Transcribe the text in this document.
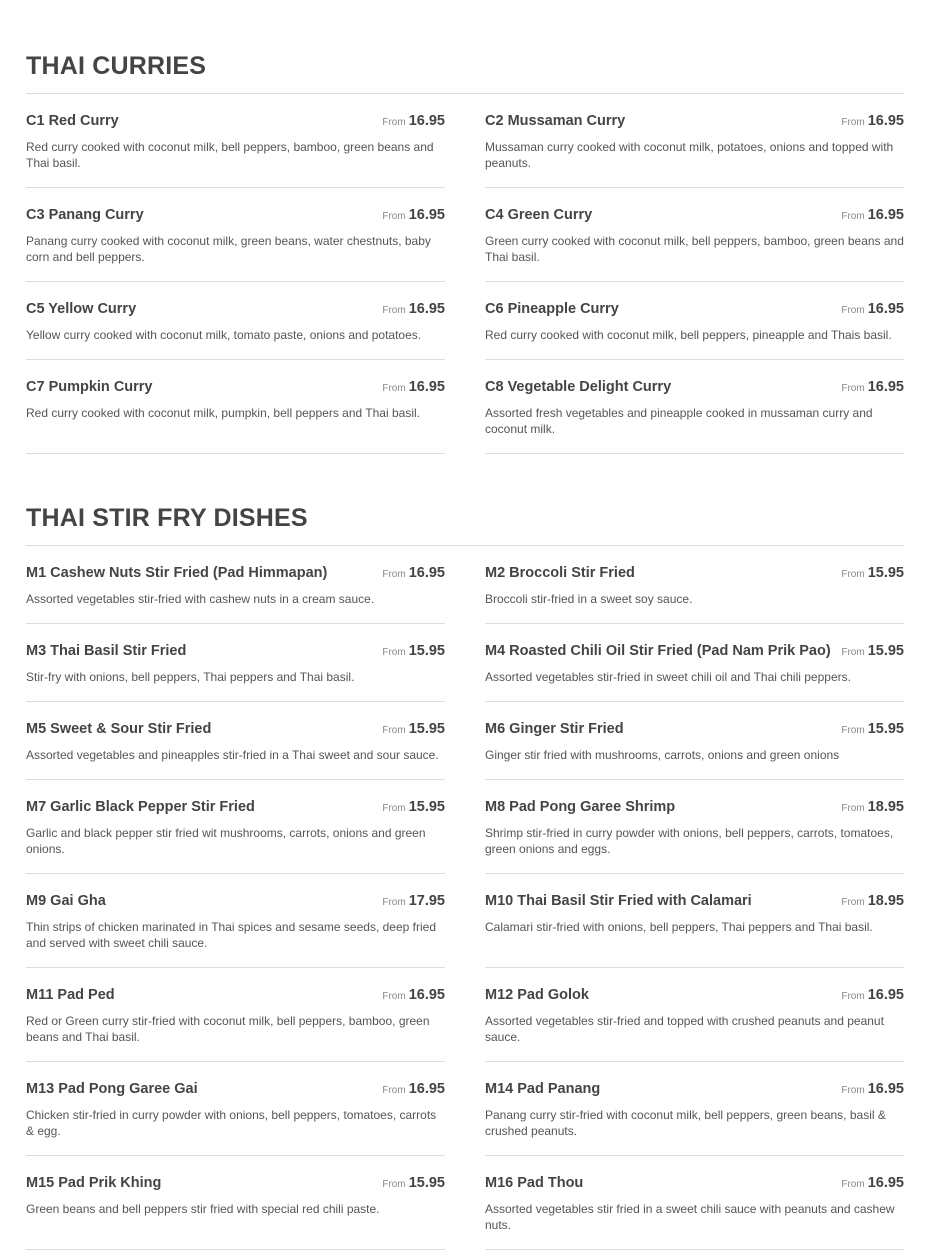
THAI CURRIES
C1 Red Curry	From 16.95
Red curry cooked with coconut milk, bell peppers, bamboo, green beans and Thai basil.
C2 Mussaman Curry	From 16.95
Mussaman curry cooked with coconut milk, potatoes, onions and topped with peanuts.
C3 Panang Curry	From 16.95
Panang curry cooked with coconut milk, green beans, water chestnuts, baby corn and bell peppers.
C4 Green Curry	From 16.95
Green curry cooked with coconut milk, bell peppers, bamboo, green beans and Thai basil.
C5 Yellow Curry	From 16.95
Yellow curry cooked with coconut milk, tomato paste, onions and potatoes.
C6 Pineapple Curry	From 16.95
Red curry cooked with coconut milk, bell peppers, pineapple and Thais basil.
C7 Pumpkin Curry	From 16.95
Red curry cooked with coconut milk, pumpkin, bell peppers and Thai basil.
C8 Vegetable Delight Curry	From 16.95
Assorted fresh vegetables and pineapple cooked in mussaman curry and coconut milk.
THAI STIR FRY DISHES
M1 Cashew Nuts Stir Fried (Pad Himmapan)	From 16.95
Assorted vegetables stir-fried with cashew nuts in a cream sauce.
M2 Broccoli Stir Fried	From 15.95
Broccoli stir-fried in a sweet soy sauce.
M3 Thai Basil Stir Fried	From 15.95
Stir-fry with onions, bell peppers, Thai peppers and Thai basil.
M4 Roasted Chili Oil Stir Fried (Pad Nam Prik Pao) From 15.95
Assorted vegetables stir-fried in sweet chili oil and Thai chili peppers.
M5 Sweet & Sour Stir Fried	From 15.95
Assorted vegetables and pineapples stir-fried in a Thai sweet and sour sauce.
M6 Ginger Stir Fried	From 15.95
Ginger stir fried with mushrooms, carrots, onions and green onions
M7 Garlic Black Pepper Stir Fried	From 15.95
Garlic and black pepper stir fried wit mushrooms, carrots, onions and green onions.
M8 Pad Pong Garee Shrimp	From 18.95
Shrimp stir-fried in curry powder with onions, bell peppers, carrots, tomatoes, green onions and eggs.
M9 Gai Gha	From 17.95
Thin strips of chicken marinated in Thai spices and sesame seeds, deep fried and served with sweet chili sauce.
M10 Thai Basil Stir Fried with Calamari	From 18.95
Calamari stir-fried with onions, bell peppers, Thai peppers and Thai basil.
M11 Pad Ped	From 16.95
Red or Green curry stir-fried with coconut milk, bell peppers, bamboo, green beans and Thai basil.
M12 Pad Golok	From 16.95
Assorted vegetables stir-fried and topped with crushed peanuts and peanut sauce.
M13 Pad Pong Garee Gai	From 16.95
Chicken stir-fried in curry powder with onions, bell peppers, tomatoes, carrots & egg.
M14 Pad Panang	From 16.95
Panang curry stir-fried with coconut milk, bell peppers, green beans, basil & crushed peanuts.
M15 Pad Prik Khing	From 15.95
Green beans and bell peppers stir fried with special red chili paste.
M16 Pad Thou	From 16.95
Assorted vegetables stir fried in a sweet chili sauce with peanuts and cashew nuts.
